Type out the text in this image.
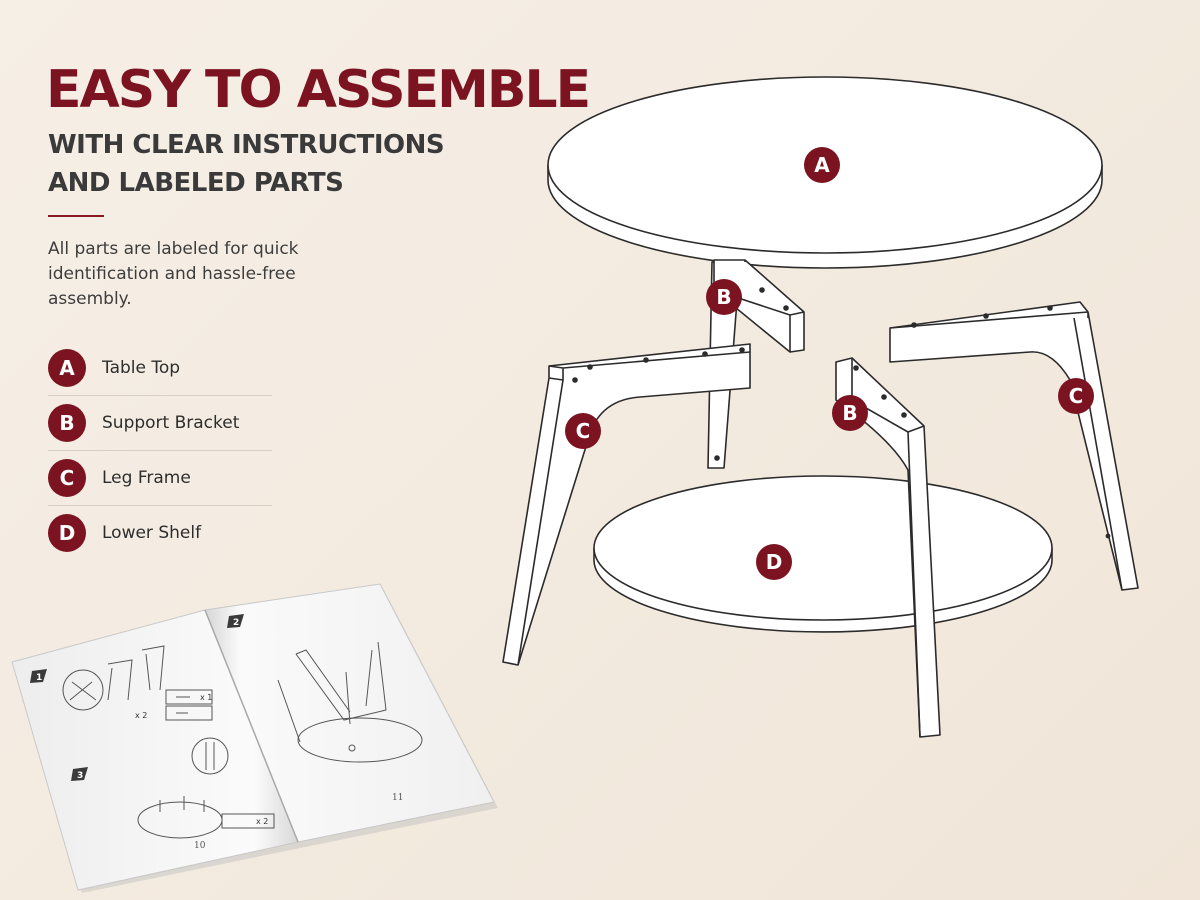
EASY TO ASSEMBLE
WITH CLEAR INSTRUCTIONS
AND LABELED PARTS

All parts are labeled for quick identification and hassle-free assembly.

A	Table Top
B	Support Bracket
C	Leg Frame
D	Lower Shelf
A
B
C
B
C
D
1
2
3
x 2
x 1
x 2
10
11
